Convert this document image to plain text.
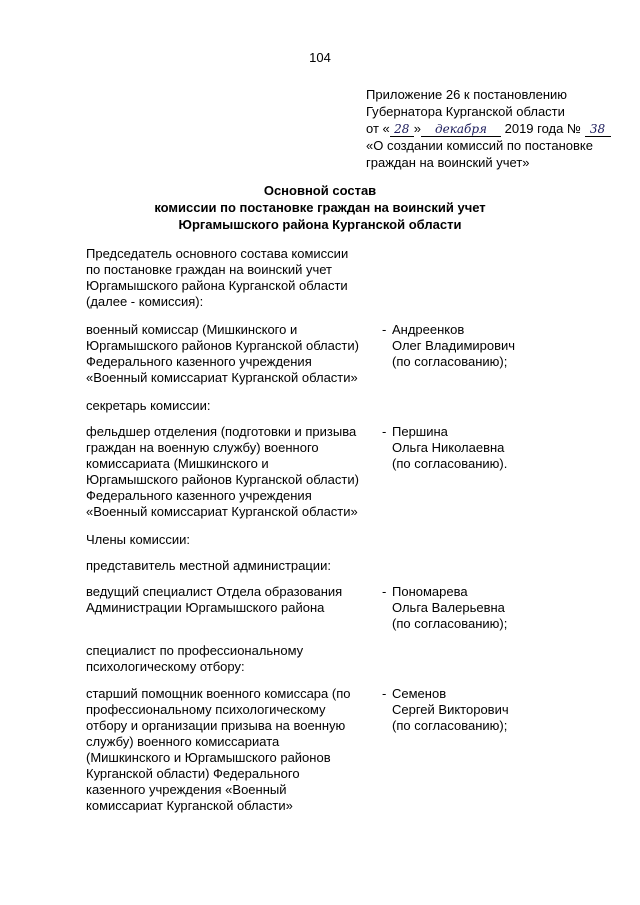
104
Приложение 26 к постановлению
Губернатора Курганской области
от « 28 » декабря 2019 года № 38
«О создании комиссий по постановке
граждан на воинский учет»
Основной состав
комиссии по постановке граждан на воинский учет
Юргамышского района Курганской области
Председатель основного состава комиссии
по постановке граждан на воинский учет
Юргамышского района Курганской области
(далее - комиссия):
военный комиссар (Мишкинского и
Юргамышского районов Курганской области)
Федерального казенного учреждения
«Военный комиссариат Курганской области»
- Андреенков
Олег Владимирович
(по согласованию);
секретарь комиссии:
фельдшер отделения (подготовки и призыва
граждан на военную службу) военного
комиссариата (Мишкинского и
Юргамышского районов Курганской области)
Федерального казенного учреждения
«Военный комиссариат Курганской области»
- Першина
Ольга Николаевна
(по согласованию).
Члены комиссии:
представитель местной администрации:
ведущий специалист Отдела образования
Администрации Юргамышского района
- Пономарева
Ольга Валерьевна
(по согласованию);
специалист по профессиональному
психологическому отбору:
старший помощник военного комиссара (по
профессиональному психологическому
отбору и организации призыва на военную
службу) военного комиссариата
(Мишкинского и Юргамышского районов
Курганской области) Федерального
казенного учреждения «Военный
комиссариат Курганской области»
- Семенов
Сергей Викторович
(по согласованию);
